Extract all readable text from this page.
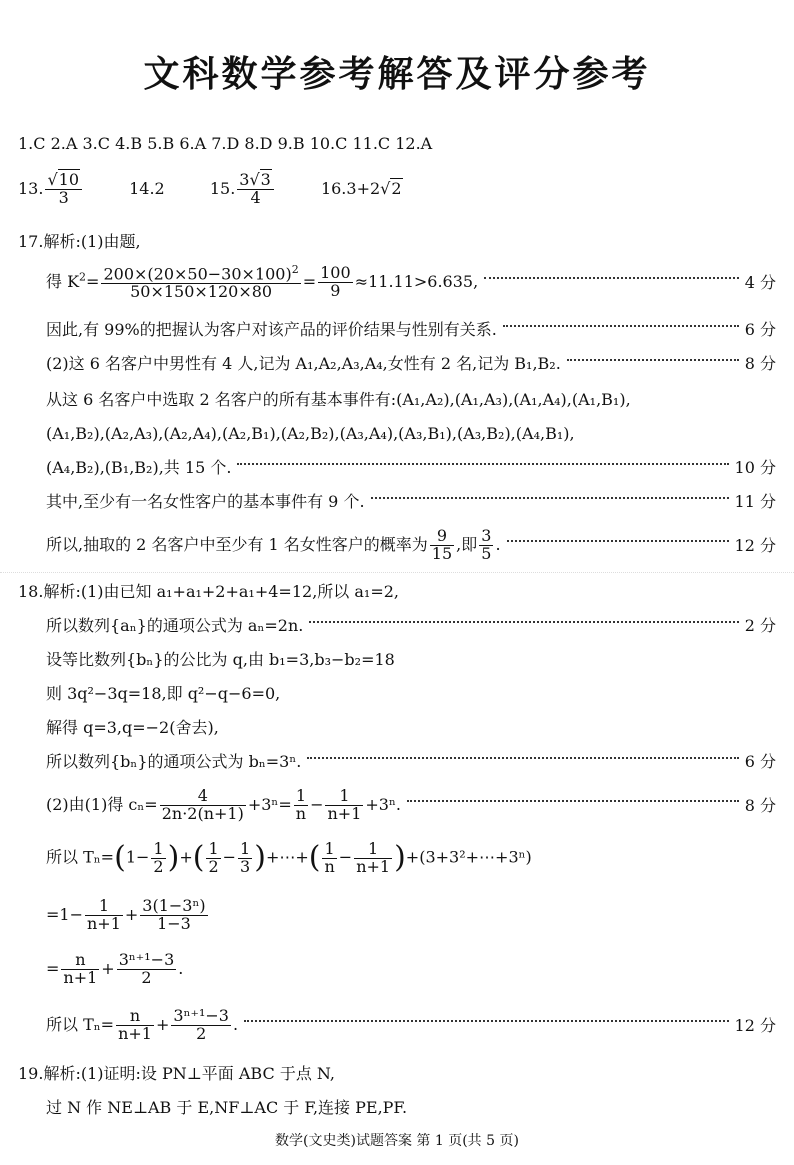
文科数学参考解答及评分参考
1.C 2.A 3.C 4.B 5.B 6.A 7.D 8.D 9.B 10.C 11.C 12.A
13. $\frac{√10}{3}$	14.2	15. $\frac{3√3}{4}$	16.3+2√2
17.解析:(1)由题,
得 $K^2= \frac{200\times(20\times 50-30\times 100)^2}{50\times 150\times 120\times 80} = \frac{100}{9} \approx 11.11>6.635$,	4 分
因此,有 99%的把握认为客户对该产品的评价结果与性别有关系.	6 分
(2)这 6 名客户中男性有 4 人,记为 A₁,A₂,A₃,A₄,女性有 2 名,记为 B₁,B₂.	8 分
从这 6 名客户中选取 2 名客户的所有基本事件有:(A₁,A₂),(A₁,A₃),(A₁,A₄),(A₁,B₁),
(A₁,B₂),(A₂,A₃),(A₂,A₄),(A₂,B₁),(A₂,B₂),(A₃,A₄),(A₃,B₁),(A₃,B₂),(A₄,B₁),
(A₄,B₂),(B₁,B₂),共 15 个.	10 分
其中,至少有一名女性客户的基本事件有 9 个.	11 分
所以,抽取的 2 名客户中至少有 1 名女性客户的概率为 $\frac{9}{15}$ ,即 $\frac{3}{5}$ .	12 分
18.解析:(1)由已知 a₁+a₁+2+a₁+4=12,所以 a₁=2,
所以数列{aₙ}的通项公式为 aₙ=2n.	2 分
设等比数列{bₙ}的公比为 q,由 b₁=3,b₃−b₂=18
则 3q²−3q=18,即 q²−q−6=0,
解得 q=3,q=−2(舍去),
所以数列{bₙ}的通项公式为 bₙ=3ⁿ.	6 分
(2)由(1)得 $c_n= \frac{4}{2n\cdot 2(n+1)} +3^n= \frac{1}{n} - \frac{1}{n+1} +3^n$.	8 分
所以 $T_n=(1- \frac{1}{2}$ )+( $\frac{1}{2} - \frac{1}{3}$ )+⋯+( $\frac{1}{n} - \frac{1}{n+1}$ )+(3+3²+⋯+3ⁿ)
$=1- \frac{1}{n+1} + \frac{\text{3(1−3ⁿ)}}{1-3}$
= $\frac{n}{n+1} + \frac{\text{3ⁿ⁺¹−3}}{2}$ .
所以 $T_n= \frac{n}{n+1} + \frac{\text{3ⁿ⁺¹−3}}{2}$ .	12 分
19.解析:(1)证明:设 PN⊥平面 ABC 于点 N,
过 N 作 NE⊥AB 于 E,NF⊥AC 于 F,连接 PE,PF.
数学(文史类)试题答案 第 1 页(共 5 页)
